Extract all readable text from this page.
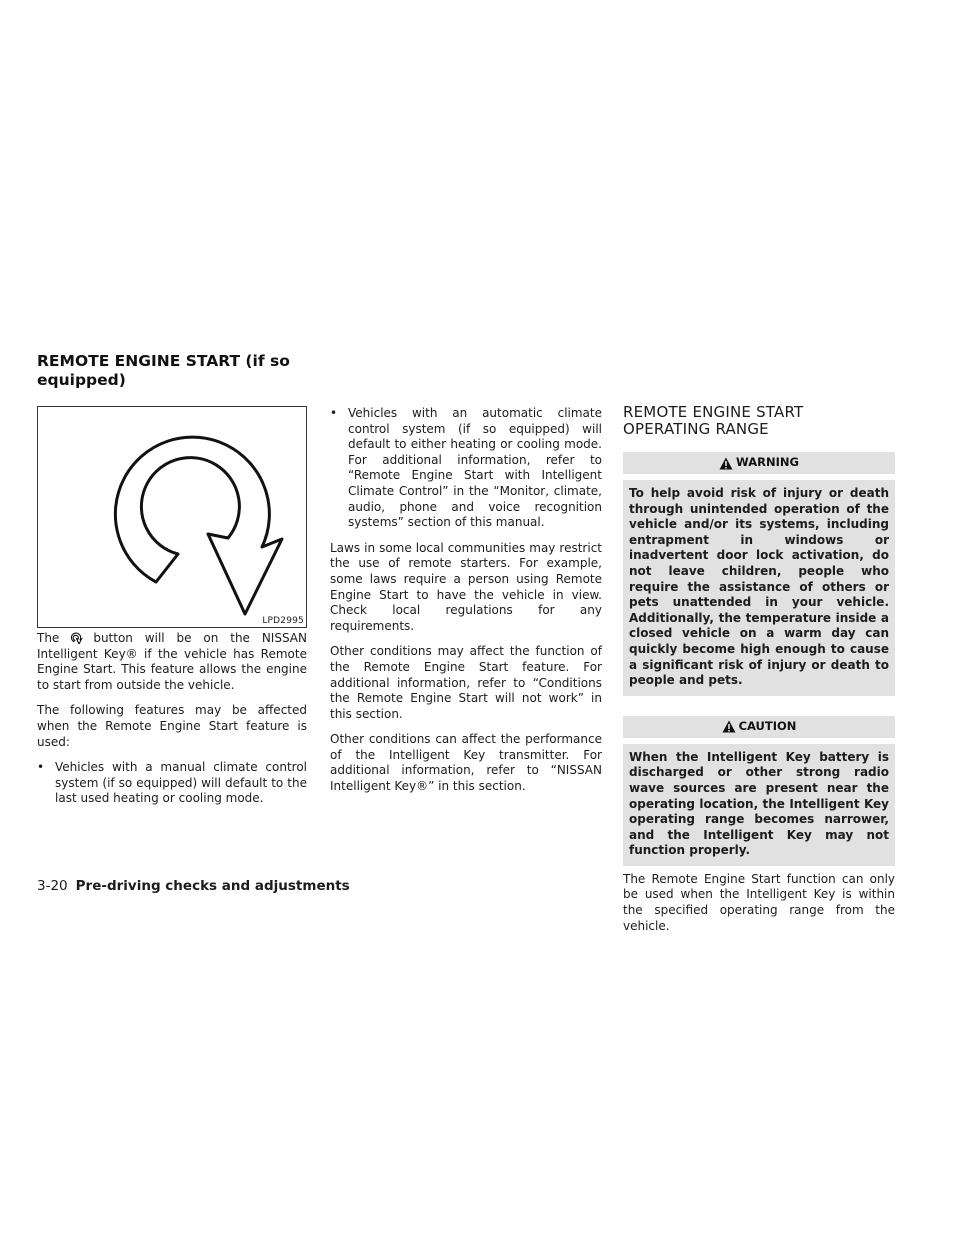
REMOTE ENGINE START (if so
equipped)
LPD2995

The	button will be on the NISSAN Intelligent Key® if the vehicle has Remote Engine Start. This feature allows the engine to start from outside the vehicle.

The following features may be affected when the Remote Engine Start feature is used:

• Vehicles with a manual climate control system (if so equipped) will default to the last used heating or cooling mode.
• Vehicles with an automatic climate control system (if so equipped) will default to either heating or cooling mode. For additional information, refer to “Remote Engine Start with Intelligent Climate Control” in the “Monitor, climate, audio, phone and voice recognition systems” section of this manual.

Laws in some local communities may restrict the use of remote starters. For example, some laws require a person using Remote Engine Start to have the vehicle in view. Check local regulations for any requirements.

Other conditions may affect the function of the Remote Engine Start feature. For additional information, refer to “Conditions the Remote Engine Start will not work” in this section.

Other conditions can affect the performance of the Intelligent Key transmitter. For additional information, refer to “NISSAN Intelligent Key®” in this section.

REMOTE ENGINE START
OPERATING RANGE
WARNING
To help avoid risk of injury or death through unintended operation of the vehicle and/or its systems, including entrapment in windows or inadvertent door lock activation, do not leave children, people who require the assistance of others or pets unattended in your vehicle. Additionally, the temperature inside a closed vehicle on a warm day can quickly become high enough to cause a significant risk of injury or death to people and pets.
CAUTION
When the Intelligent Key battery is discharged or other strong radio wave sources are present near the operating location, the Intelligent Key operating range becomes narrower, and the Intelligent Key may not function properly.

The Remote Engine Start function can only be used when the Intelligent Key is within the specified operating range from the vehicle.

3-20 Pre-driving checks and adjustments
